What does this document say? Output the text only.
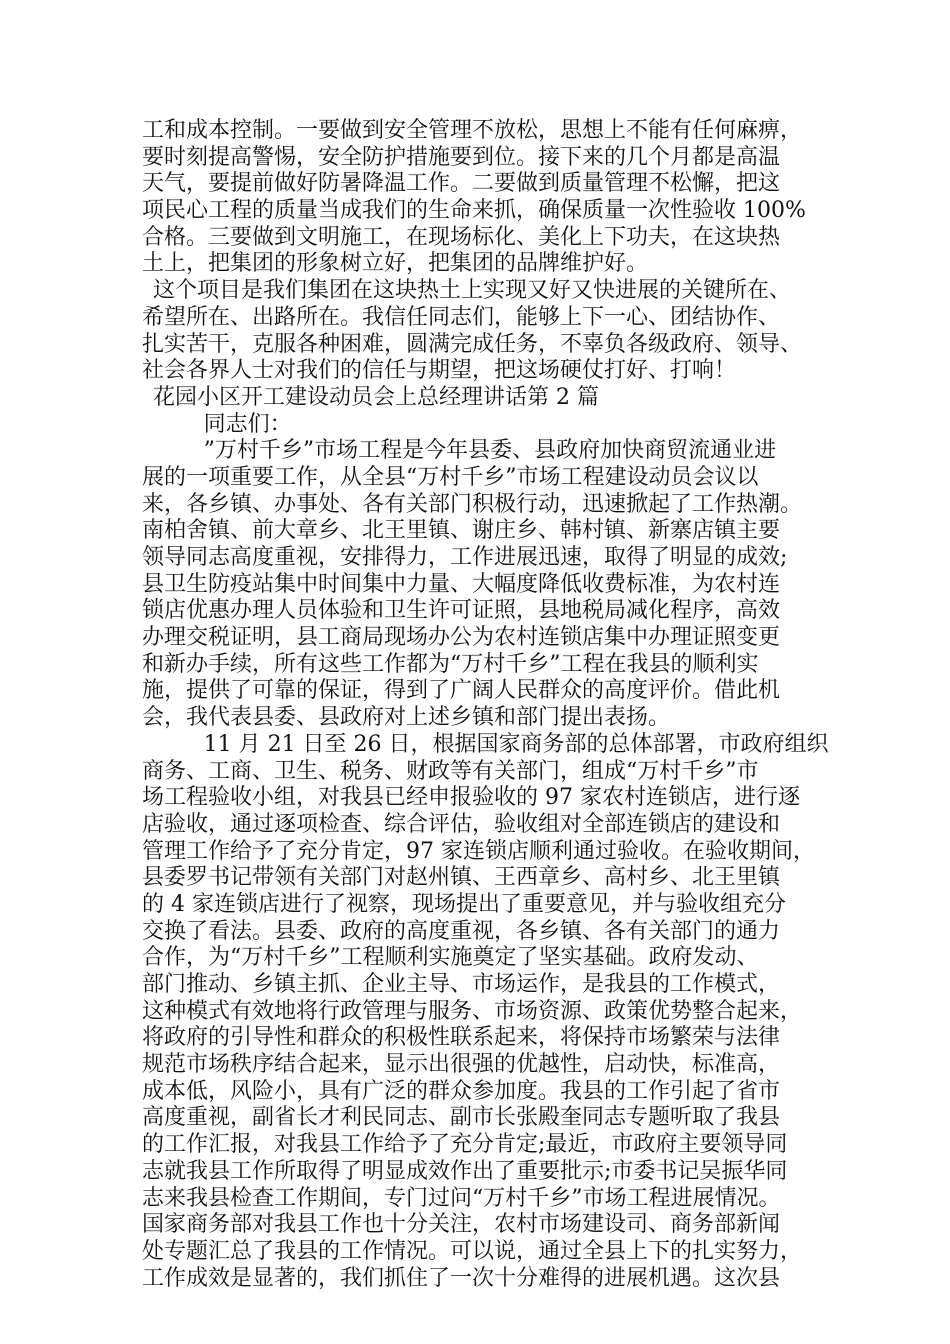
工和成本控制。一要做到安全管理不放松，思想上不能有任何麻痹，
要时刻提高警惕，安全防护措施要到位。接下来的几个月都是高温
天气，要提前做好防暑降温工作。二要做到质量管理不松懈，把这
项民心工程的质量当成我们的生命来抓，确保质量一次性验收 100%
合格。三要做到文明施工，在现场标化、美化上下功夫，在这块热
土上，把集团的形象树立好，把集团的品牌维护好。
这个项目是我们集团在这块热土上实现又好又快进展的关键所在、
希望所在、出路所在。我信任同志们，能够上下一心、团结协作、
扎实苦干，克服各种困难，圆满完成任务，不辜负各级政府、领导、
社会各界人士对我们的信任与期望，把这场硬仗打好、打响！
花园小区开工建设动员会上总经理讲话第 2 篇
同志们：
”万村千乡”市场工程是今年县委、县政府加快商贸流通业进
展的一项重要工作，从全县“万村千乡”市场工程建设动员会议以
来，各乡镇、办事处、各有关部门积极行动，迅速掀起了工作热潮。
南柏舍镇、前大章乡、北王里镇、谢庄乡、韩村镇、新寨店镇主要
领导同志高度重视，安排得力，工作进展迅速，取得了明显的成效;
县卫生防疫站集中时间集中力量、大幅度降低收费标准，为农村连
锁店优惠办理人员体验和卫生许可证照，县地税局减化程序，高效
办理交税证明，县工商局现场办公为农村连锁店集中办理证照变更
和新办手续，所有这些工作都为“万村千乡”工程在我县的顺利实
施，提供了可靠的保证，得到了广阔人民群众的高度评价。借此机
会，我代表县委、县政府对上述乡镇和部门提出表扬。
11 月 21 日至 26 日，根据国家商务部的总体部署，市政府组织
商务、工商、卫生、税务、财政等有关部门，组成“万村千乡”市
场工程验收小组，对我县已经申报验收的 97 家农村连锁店，进行逐
店验收，通过逐项检查、综合评估，验收组对全部连锁店的建设和
管理工作给予了充分肯定，97 家连锁店顺利通过验收。在验收期间，
县委罗书记带领有关部门对赵州镇、王西章乡、高村乡、北王里镇
的 4 家连锁店进行了视察，现场提出了重要意见，并与验收组充分
交换了看法。县委、政府的高度重视，各乡镇、各有关部门的通力
合作，为“万村千乡”工程顺利实施奠定了坚实基础。政府发动、
部门推动、乡镇主抓、企业主导、市场运作，是我县的工作模式，
这种模式有效地将行政管理与服务、市场资源、政策优势整合起来，
将政府的引导性和群众的积极性联系起来，将保持市场繁荣与法律
规范市场秩序结合起来，显示出很强的优越性，启动快，标准高，
成本低，风险小，具有广泛的群众参加度。我县的工作引起了省市
高度重视，副省长才利民同志、副市长张殿奎同志专题听取了我县
的工作汇报，对我县工作给予了充分肯定;最近，市政府主要领导同
志就我县工作所取得了明显成效作出了重要批示;市委书记吴振华同
志来我县检查工作期间，专门过问“万村千乡”市场工程进展情况。
国家商务部对我县工作也十分关注，农村市场建设司、商务部新闻
处专题汇总了我县的工作情况。可以说，通过全县上下的扎实努力，
工作成效是显著的，我们抓住了一次十分难得的进展机遇。这次县
